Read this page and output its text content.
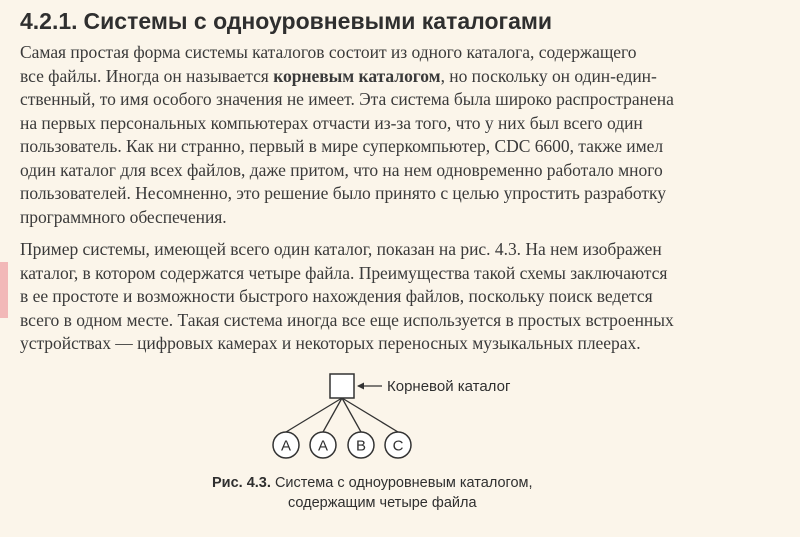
4.2.1. Системы с одноуровневыми каталогами

Самая простая форма системы каталогов состоит из одного каталога, содержащего
все файлы. Иногда он называется корневым каталогом, но поскольку он один-един-
ственный, то имя особого значения не имеет. Эта система была широко распространена
на первых персональных компьютерах отчасти из-за того, что у них был всего один
пользователь. Как ни странно, первый в мире суперкомпьютер, CDC 6600, также имел
один каталог для всех файлов, даже притом, что на нем одновременно работало много
пользователей. Несомненно, это решение было принято с целью упростить разработку
программного обеспечения.

Пример системы, имеющей всего один каталог, показан на рис. 4.3. На нем изображен
каталог, в котором содержатся четыре файла. Преимущества такой схемы заключаются
в ее простоте и возможности быстрого нахождения файлов, поскольку поиск ведется
всего в одном месте. Такая система иногда все еще используется в простых встроенных
устройствах — цифровых камерах и некоторых переносных музыкальных плеерах.

Корневой каталог
A A B C
Рис. 4.3. Система с одноуровневым каталогом,
содержащим четыре файла
